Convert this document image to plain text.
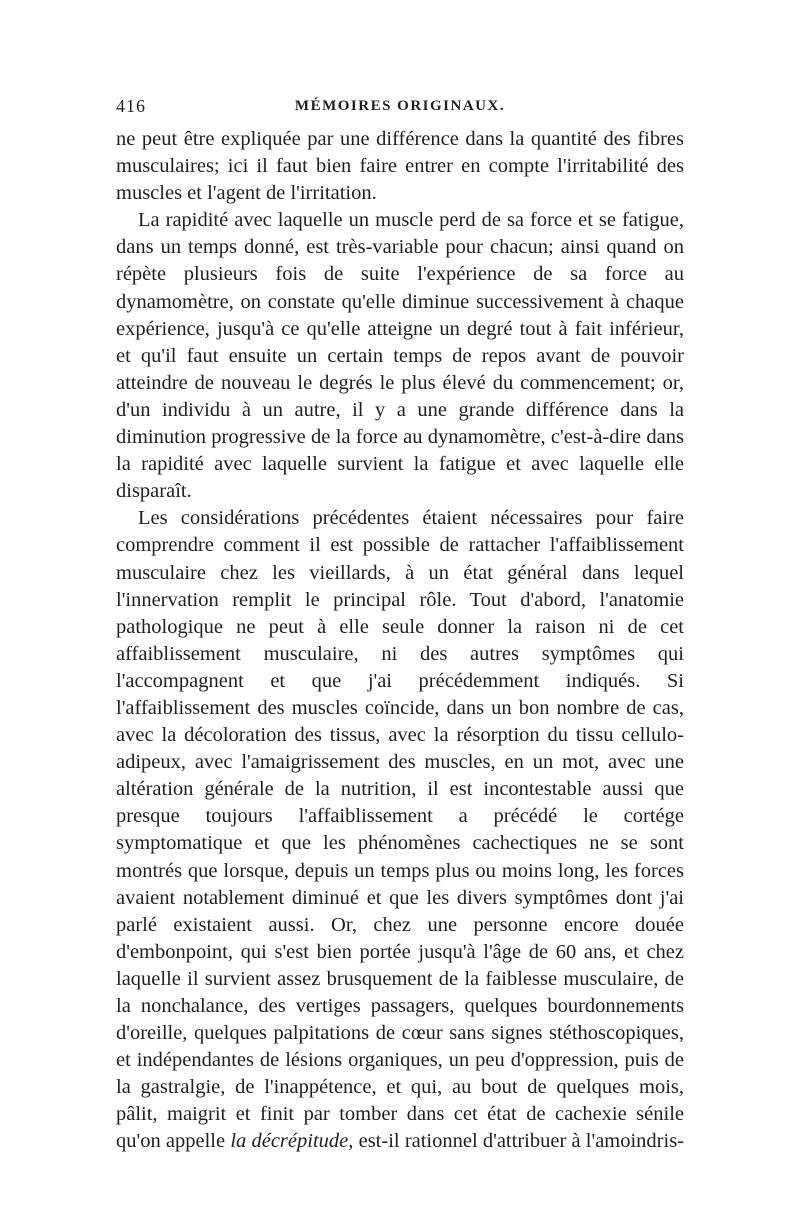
416	MÉMOIRES ORIGINAUX.

ne peut être expliquée par une différence dans la quantité des fibres musculaires; ici il faut bien faire entrer en compte l'irritabilité des muscles et l'agent de l'irritation.

La rapidité avec laquelle un muscle perd de sa force et se fatigue, dans un temps donné, est très-variable pour chacun; ainsi quand on répète plusieurs fois de suite l'expérience de sa force au dynamomètre, on constate qu'elle diminue successivement à chaque expérience, jusqu'à ce qu'elle atteigne un degré tout à fait inférieur, et qu'il faut ensuite un certain temps de repos avant de pouvoir atteindre de nouveau le degrés le plus élevé du commencement; or, d'un individu à un autre, il y a une grande différence dans la diminution progressive de la force au dynamomètre, c'est-à-dire dans la rapidité avec laquelle survient la fatigue et avec laquelle elle disparaît.

Les considérations précédentes étaient nécessaires pour faire comprendre comment il est possible de rattacher l'affaiblissement musculaire chez les vieillards, à un état général dans lequel l'innervation remplit le principal rôle. Tout d'abord, l'anatomie pathologique ne peut à elle seule donner la raison ni de cet affaiblissement musculaire, ni des autres symptômes qui l'accompagnent et que j'ai précédemment indiqués. Si l'affaiblissement des muscles coïncide, dans un bon nombre de cas, avec la décoloration des tissus, avec la résorption du tissu cellulo-adipeux, avec l'amaigrissement des muscles, en un mot, avec une altération générale de la nutrition, il est incontestable aussi que presque toujours l'affaiblissement a précédé le cortége symptomatique et que les phénomènes cachectiques ne se sont montrés que lorsque, depuis un temps plus ou moins long, les forces avaient notablement diminué et que les divers symptômes dont j'ai parlé existaient aussi. Or, chez une personne encore douée d'embonpoint, qui s'est bien portée jusqu'à l'âge de 60 ans, et chez laquelle il survient assez brusquement de la faiblesse musculaire, de la nonchalance, des vertiges passagers, quelques bourdonnements d'oreille, quelques palpitations de cœur sans signes stéthoscopiques, et indépendantes de lésions organiques, un peu d'oppression, puis de la gastralgie, de l'inappétence, et qui, au bout de quelques mois, pâlit, maigrit et finit par tomber dans cet état de cachexie sénile qu'on appelle la décrépitude, est-il rationnel d'attribuer à l'amoindris-
